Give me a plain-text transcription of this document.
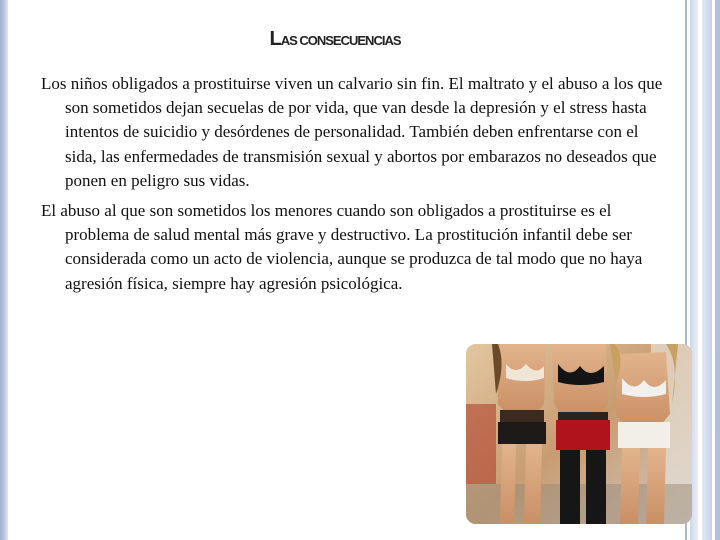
LAS CONSECUENCIAS

Los niños obligados a prostituirse viven un calvario sin fin. El maltrato y el abuso a los que son sometidos dejan secuelas de por vida, que van desde la depresión y el stress hasta intentos de suicidio y desórdenes de personalidad. También deben enfrentarse con el sida, las enfermedades de transmisión sexual y abortos por embarazos no deseados que ponen en peligro sus vidas.

El abuso al que son sometidos los menores cuando son obligados a prostituirse es el problema de salud mental más grave y destructivo. La prostitución infantil debe ser considerada como un acto de violencia, aunque se produzca de tal modo que no haya agresión física, siempre hay agresión psicológica.
